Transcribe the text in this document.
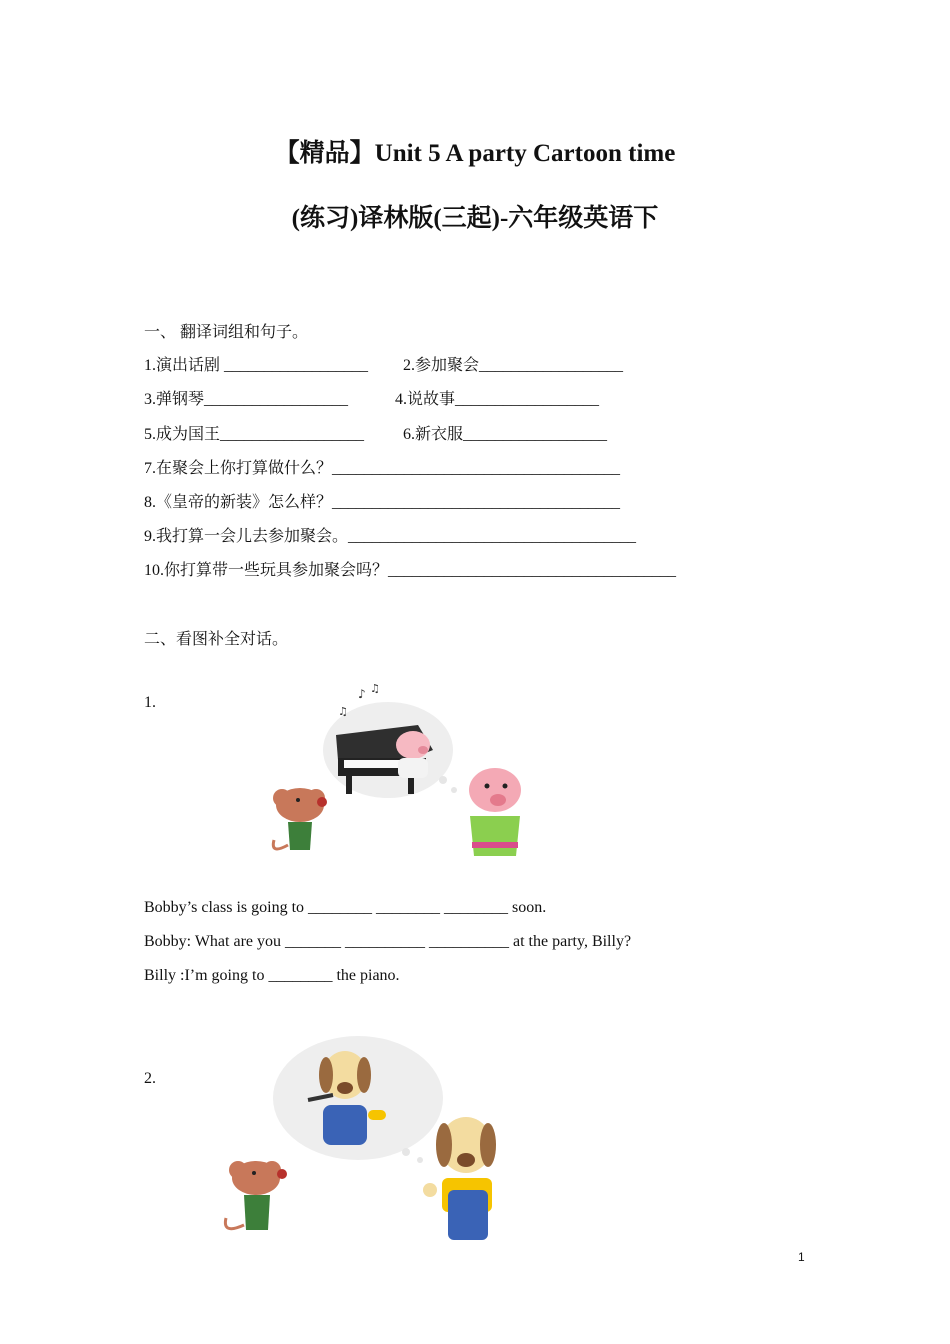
【精品】Unit 5 A party Cartoon time
(练习)译林版(三起)-六年级英语下
一、 翻译词组和句子。
1.演出话剧 __________________ 2.参加聚会__________________
3.弹钢琴__________________	4.说故事__________________
5.成为国王__________________ 6.新衣服__________________
7.在聚会上你打算做什么？____________________________________
8.《皇帝的新装》怎么样？____________________________________
9.我打算一会儿去参加聚会。____________________________________
10.你打算带一些玩具参加聚会吗？____________________________________
二、看图补全对话。
1.	♪ ♫
♫
Bobby’s class is going to ________ ________ ________ soon.
Bobby: What are you _______ __________ __________ at the party, Billy?
Billy :I’m going to ________ the piano.
2.
1
